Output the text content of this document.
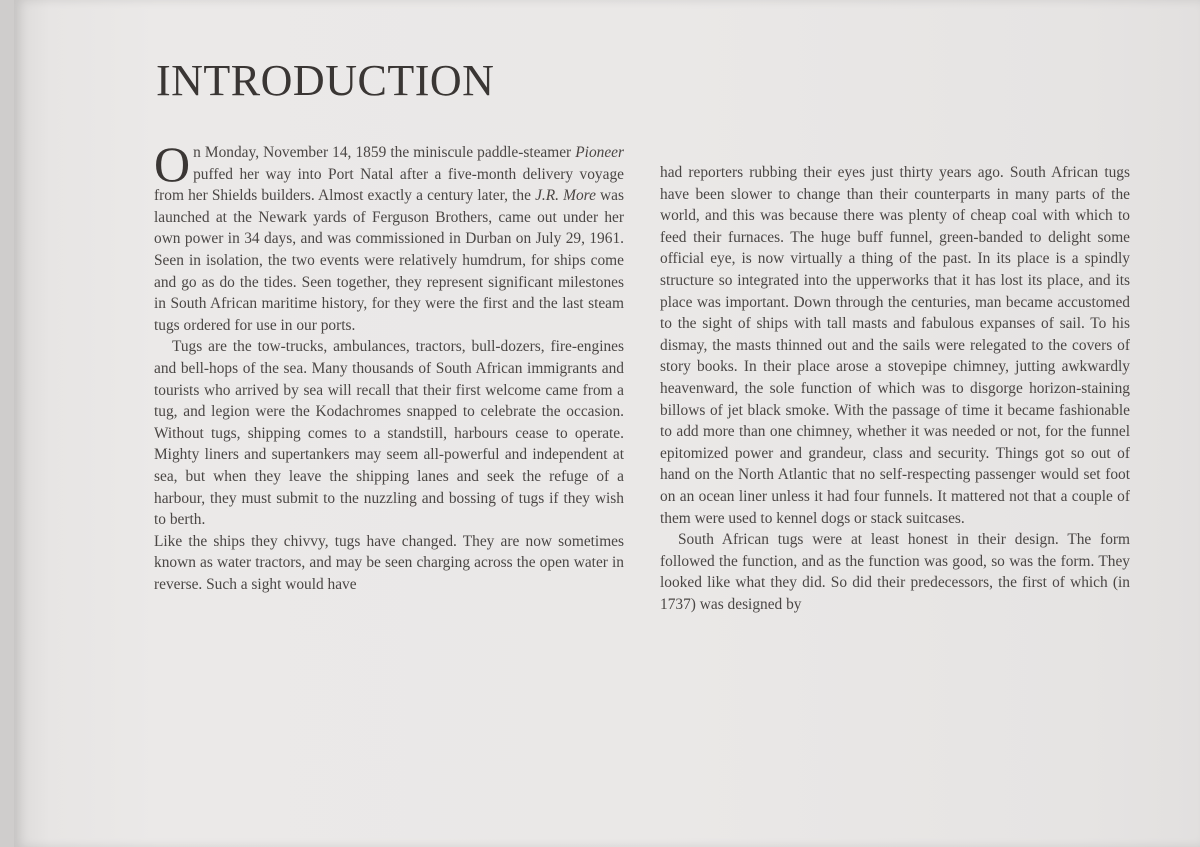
INTRODUCTION

On Monday, November 14, 1859 the miniscule paddle-steamer Pioneer puffed her way into Port Natal after a five-month delivery voyage from her Shields builders. Almost exactly a century later, the J.R. More was launched at the Newark yards of Ferguson Brothers, came out under her own power in 34 days, and was commissioned in Durban on July 29, 1961. Seen in isolation, the two events were relatively humdrum, for ships come and go as do the tides. Seen together, they represent significant milestones in South African maritime history, for they were the first and the last steam tugs ordered for use in our ports.

Tugs are the tow-trucks, ambulances, tractors, bull-dozers, fire-engines and bell-hops of the sea. Many thousands of South African immigrants and tourists who arrived by sea will recall that their first welcome came from a tug, and legion were the Kodachromes snapped to celebrate the occasion. Without tugs, shipping comes to a standstill, harbours cease to operate. Mighty liners and supertankers may seem all-powerful and independent at sea, but when they leave the shipping lanes and seek the refuge of a harbour, they must submit to the nuzzling and bossing of tugs if they wish to berth.

Like the ships they chivvy, tugs have changed. They are now sometimes known as water tractors, and may be seen charging across the open water in reverse. Such a sight would have

had reporters rubbing their eyes just thirty years ago. South African tugs have been slower to change than their counterparts in many parts of the world, and this was because there was plenty of cheap coal with which to feed their furnaces. The huge buff funnel, green-banded to delight some official eye, is now virtually a thing of the past. In its place is a spindly structure so integrated into the upperworks that it has lost its place, and its place was important. Down through the centuries, man became accustomed to the sight of ships with tall masts and fabulous expanses of sail. To his dismay, the masts thinned out and the sails were relegated to the covers of story books. In their place arose a stovepipe chimney, jutting awkwardly heavenward, the sole function of which was to disgorge horizon-staining billows of jet black smoke. With the passage of time it became fashionable to add more than one chimney, whether it was needed or not, for the funnel epitomized power and grandeur, class and security. Things got so out of hand on the North Atlantic that no self-respecting passenger would set foot on an ocean liner unless it had four funnels. It mattered not that a couple of them were used to kennel dogs or stack suitcases.

South African tugs were at least honest in their design. The form followed the function, and as the function was good, so was the form. They looked like what they did. So did their predecessors, the first of which (in 1737) was designed by
